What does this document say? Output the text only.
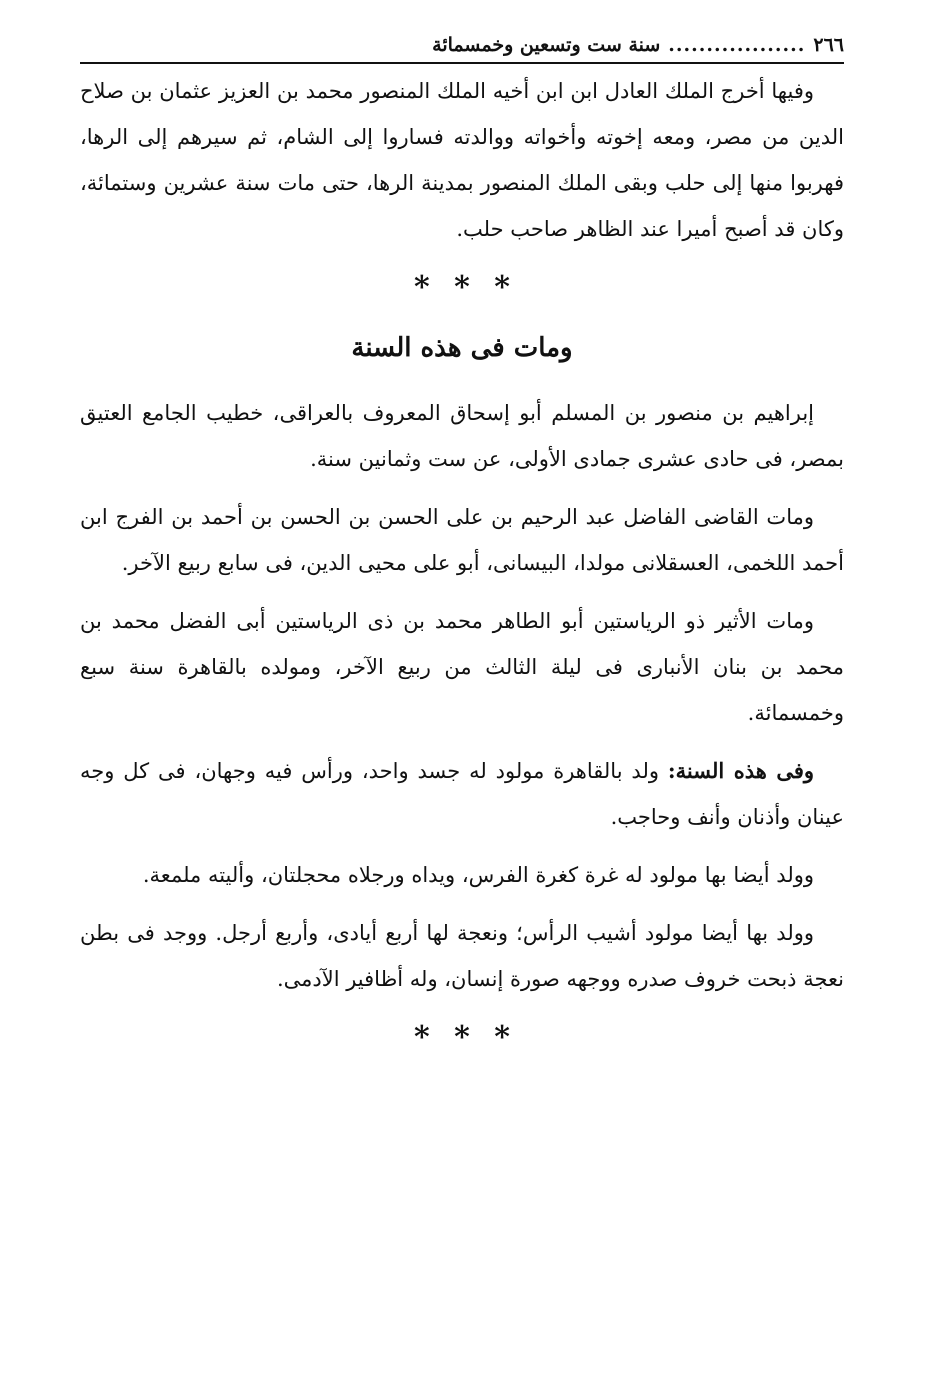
٢٦٦
..................
سنة ست وتسعين وخمسمائة

وفيها أخرج الملك العادل ابن ابن أخيه الملك المنصور محمد بن العزيز عثمان بن صلاح الدين من مصر، ومعه إخوته وأخواته ووالدته فساروا إلى الشام، ثم سيرهم إلى الرها، فهربوا منها إلى حلب وبقى الملك المنصور بمدينة الرها، حتى مات سنة عشرين وستمائة، وكان قد أصبح أميرا عند الظاهر صاحب حلب.

* * *
ومات فى هذه السنة

إبراهيم بن منصور بن المسلم أبو إسحاق المعروف بالعراقى، خطيب الجامع العتيق بمصر، فى حادى عشرى جمادى الأولى، عن ست وثمانين سنة.

ومات القاضى الفاضل عبد الرحيم بن على الحسن بن الحسن بن أحمد بن الفرج ابن أحمد اللخمى، العسقلانى مولدا، البيسانى، أبو على محيى الدين، فى سابع ربيع الآخر.

ومات الأثير ذو الرياستين أبو الطاهر محمد بن ذى الرياستين أبى الفضل محمد بن محمد بن بنان الأنبارى فى ليلة الثالث من ربيع الآخر، ومولده بالقاهرة سنة سبع وخمسمائة.

وفى هذه السنة: ولد بالقاهرة مولود له جسد واحد، ورأس فيه وجهان، فى كل وجه عينان وأذنان وأنف وحاجب.

وولد أيضا بها مولود له غرة كغرة الفرس، ويداه ورجلاه محجلتان، وأليته ملمعة.

وولد بها أيضا مولود أشيب الرأس؛ ونعجة لها أربع أيادى، وأربع أرجل. ووجد فى بطن نعجة ذبحت خروف صدره ووجهه صورة إنسان، وله أظافير الآدمى.

* * *
